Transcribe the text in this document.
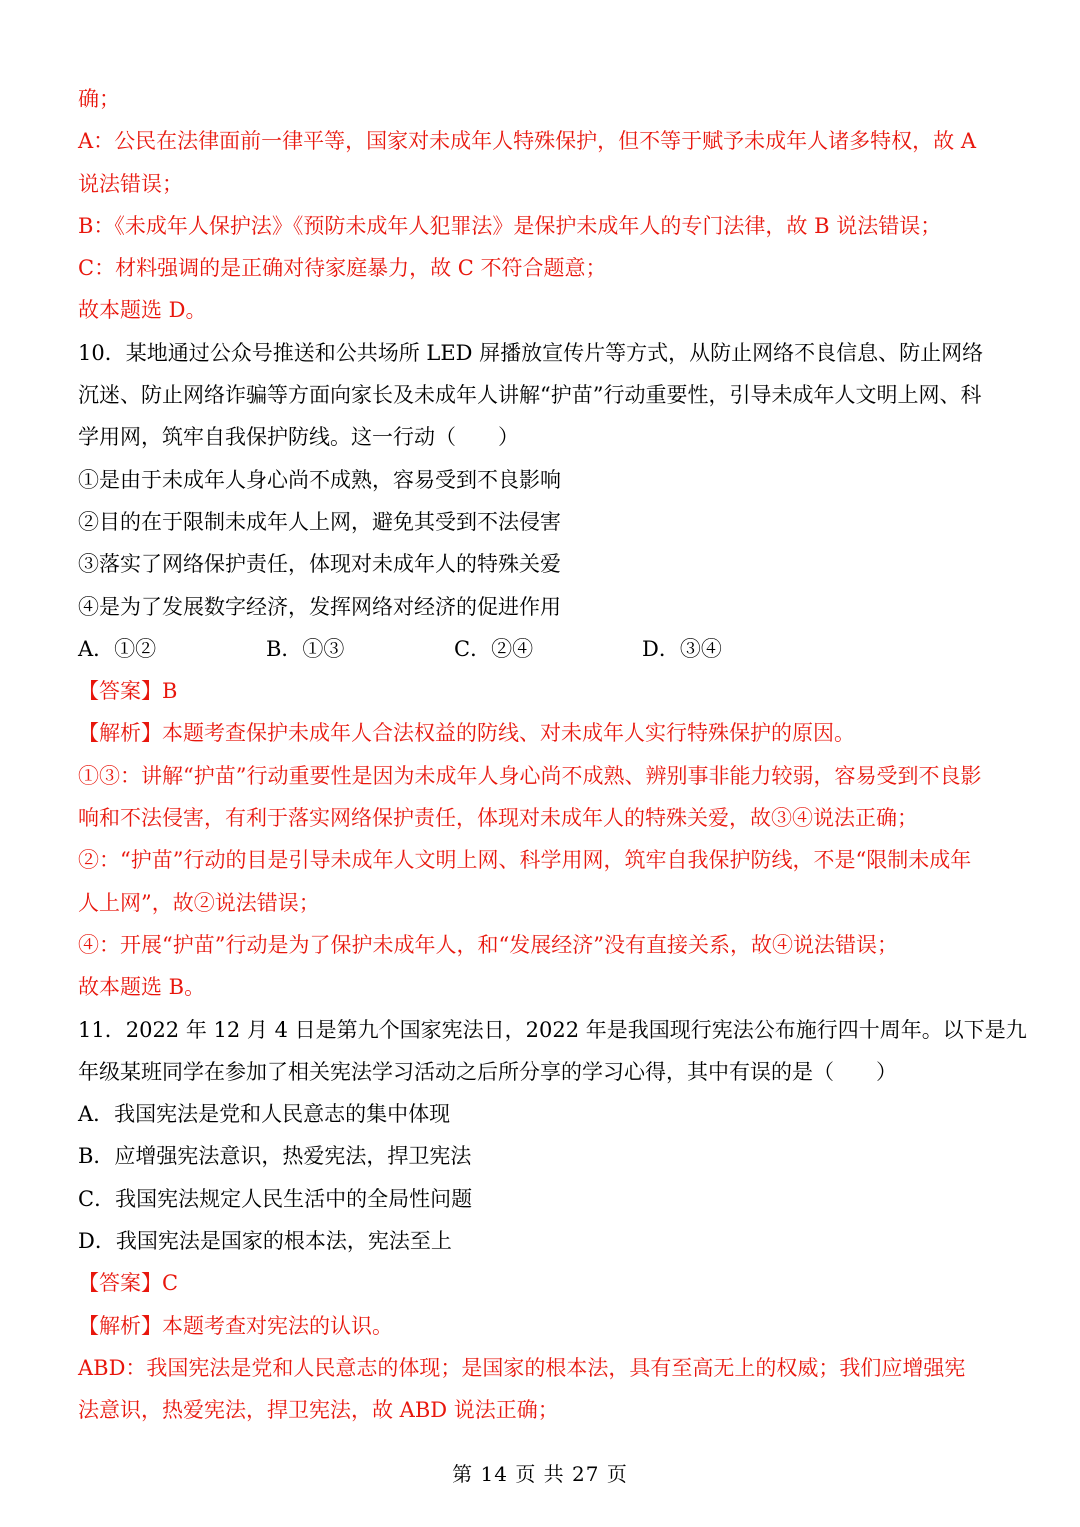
确；
A：公民在法律面前一律平等，国家对未成年人特殊保护，但不等于赋予未成年人诸多特权，故 A
说法错误；
B：《未成年人保护法》《预防未成年人犯罪法》是保护未成年人的专门法律，故 B 说法错误；
C：材料强调的是正确对待家庭暴力，故 C 不符合题意；
故本题选 D。
10．某地通过公众号推送和公共场所 LED 屏播放宣传片等方式，从防止网络不良信息、防止网络
沉迷、防止网络诈骗等方面向家长及未成年人讲解“护苗”行动重要性，引导未成年人文明上网、科
学用网，筑牢自我保护防线。这一行动（　　）
①是由于未成年人身心尚不成熟，容易受到不良影响
②目的在于限制未成年人上网，避免其受到不法侵害
③落实了网络保护责任，体现对未成年人的特殊关爱
④是为了发展数字经济，发挥网络对经济的促进作用
A．①②	B．①③	C．②④	D．③④
【答案】B
【解析】本题考查保护未成年人合法权益的防线、对未成年人实行特殊保护的原因。
①③：讲解“护苗”行动重要性是因为未成年人身心尚不成熟、辨别事非能力较弱，容易受到不良影
响和不法侵害，有利于落实网络保护责任，体现对未成年人的特殊关爱，故③④说法正确；
②：“护苗”行动的目是引导未成年人文明上网、科学用网，筑牢自我保护防线，不是“限制未成年
人上网”，故②说法错误；
④：开展“护苗”行动是为了保护未成年人，和“发展经济”没有直接关系，故④说法错误；
故本题选 B。
11．2022 年 12 月 4 日是第九个国家宪法日，2022 年是我国现行宪法公布施行四十周年。以下是九
年级某班同学在参加了相关宪法学习活动之后所分享的学习心得，其中有误的是（　　）
A．我国宪法是党和人民意志的集中体现
B．应增强宪法意识，热爱宪法，捍卫宪法
C．我国宪法规定人民生活中的全局性问题
D．我国宪法是国家的根本法，宪法至上
【答案】C
【解析】本题考查对宪法的认识。
ABD：我国宪法是党和人民意志的体现；是国家的根本法，具有至高无上的权威；我们应增强宪
法意识，热爱宪法，捍卫宪法，故 ABD 说法正确；
第 14 页 共 27 页
